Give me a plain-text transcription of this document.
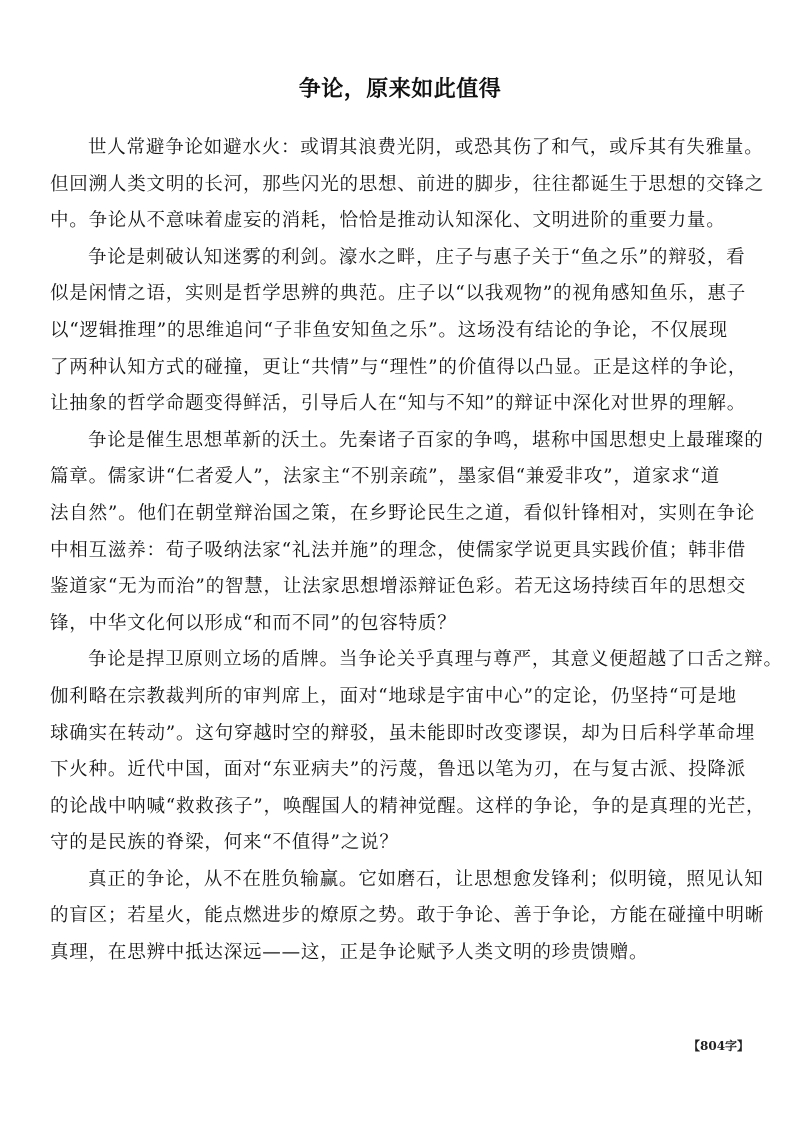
争论，原来如此值得
世人常避争论如避水火：或谓其浪费光阴，或恐其伤了和气，或斥其有失雅量。
但回溯人类文明的长河，那些闪光的思想、前进的脚步，往往都诞生于思想的交锋之
中。争论从不意味着虚妄的消耗，恰恰是推动认知深化、文明进阶的重要力量。
争论是刺破认知迷雾的利剑。濠水之畔，庄子与惠子关于“鱼之乐”的辩驳，看
似是闲情之语，实则是哲学思辨的典范。庄子以“以我观物”的视角感知鱼乐，惠子
以“逻辑推理”的思维追问“子非鱼安知鱼之乐”。这场没有结论的争论，不仅展现
了两种认知方式的碰撞，更让“共情”与“理性”的价值得以凸显。正是这样的争论，
让抽象的哲学命题变得鲜活，引导后人在“知与不知”的辩证中深化对世界的理解。
争论是催生思想革新的沃土。先秦诸子百家的争鸣，堪称中国思想史上最璀璨的
篇章。儒家讲“仁者爱人”，法家主“不别亲疏”，墨家倡“兼爱非攻”，道家求“道
法自然”。他们在朝堂辩治国之策，在乡野论民生之道，看似针锋相对，实则在争论
中相互滋养：荀子吸纳法家“礼法并施”的理念，使儒家学说更具实践价值；韩非借
鉴道家“无为而治”的智慧，让法家思想增添辩证色彩。若无这场持续百年的思想交
锋，中华文化何以形成“和而不同”的包容特质？
争论是捍卫原则立场的盾牌。当争论关乎真理与尊严，其意义便超越了口舌之辩。
伽利略在宗教裁判所的审判席上，面对“地球是宇宙中心”的定论，仍坚持“可是地
球确实在转动”。这句穿越时空的辩驳，虽未能即时改变谬误，却为日后科学革命埋
下火种。近代中国，面对“东亚病夫”的污蔑，鲁迅以笔为刃，在与复古派、投降派
的论战中呐喊“救救孩子”，唤醒国人的精神觉醒。这样的争论，争的是真理的光芒，
守的是民族的脊梁，何来“不值得”之说？
真正的争论，从不在胜负输赢。它如磨石，让思想愈发锋利；似明镜，照见认知
的盲区；若星火，能点燃进步的燎原之势。敢于争论、善于争论，方能在碰撞中明晰
真理，在思辨中抵达深远——这，正是争论赋予人类文明的珍贵馈赠。
【804字】
